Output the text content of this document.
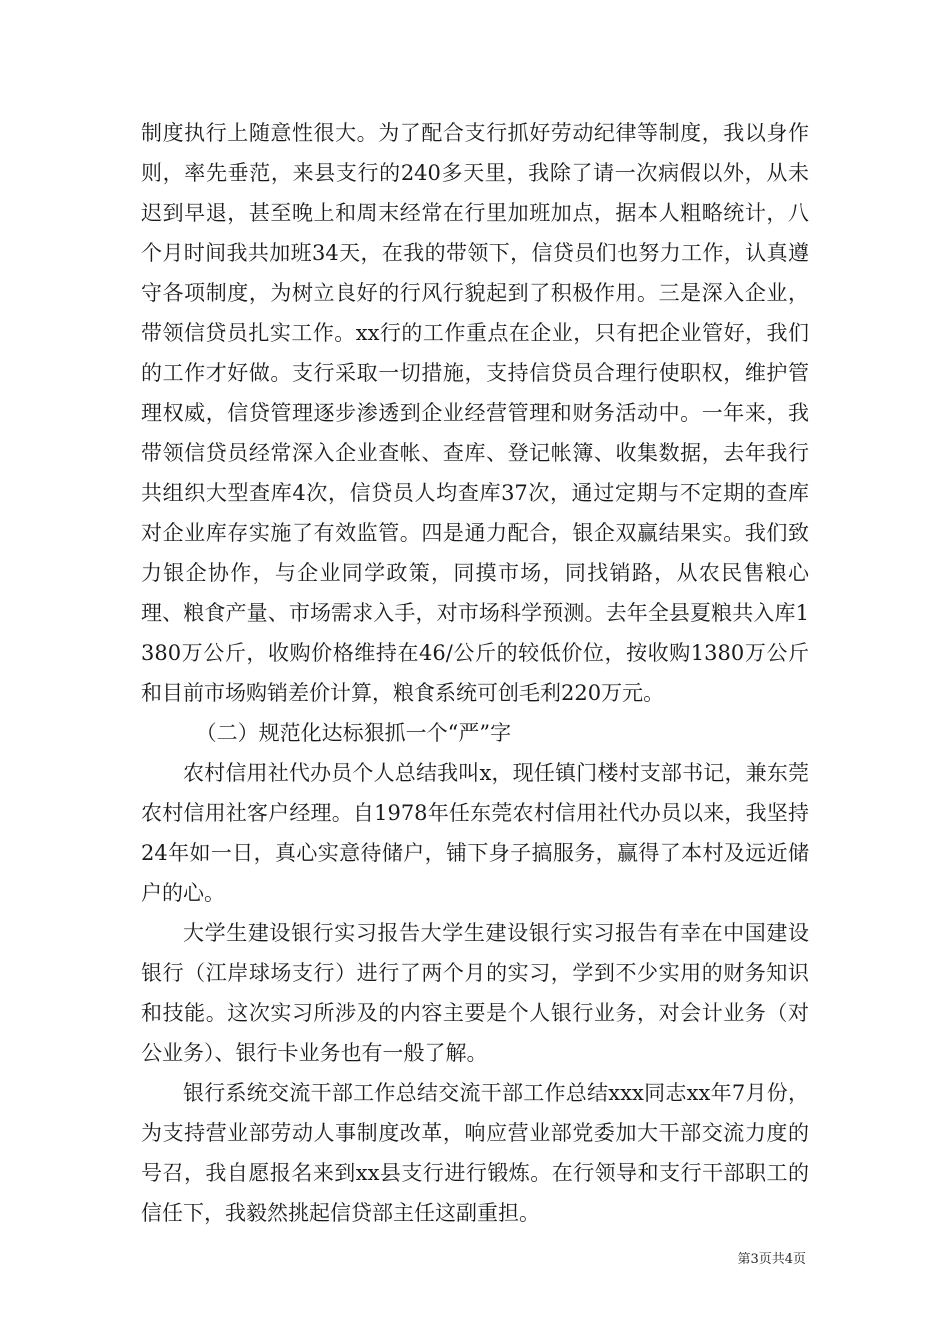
制度执行上随意性很大。为了配合支行抓好劳动纪律等制度，我以身作则，率先垂范，来县支行的240多天里，我除了请一次病假以外，从未迟到早退，甚至晚上和周末经常在行里加班加点，据本人粗略统计，八个月时间我共加班34天，在我的带领下，信贷员们也努力工作，认真遵守各项制度，为树立良好的行风行貌起到了积极作用。三是深入企业，带领信贷员扎实工作。xx行的工作重点在企业，只有把企业管好，我们的工作才好做。支行采取一切措施，支持信贷员合理行使职权，维护管理权威，信贷管理逐步渗透到企业经营管理和财务活动中。一年来，我带领信贷员经常深入企业查帐、查库、登记帐簿、收集数据，去年我行共组织大型查库4次，信贷员人均查库37次，通过定期与不定期的查库对企业库存实施了有效监管。四是通力配合，银企双赢结果实。我们致力银企协作，与企业同学政策，同摸市场，同找销路，从农民售粮心理、粮食产量、市场需求入手，对市场科学预测。去年全县夏粮共入库1380万公斤，收购价格维持在46/公斤的较低价位，按收购1380万公斤和目前市场购销差价计算，粮食系统可创毛利220万元。

（二）规范化达标狠抓一个“严”字

农村信用社代办员个人总结我叫x，现任镇门楼村支部书记，兼东莞农村信用社客户经理。自1978年任东莞农村信用社代办员以来，我坚持24年如一日，真心实意待储户，铺下身子搞服务，赢得了本村及远近储户的心。

大学生建设银行实习报告大学生建设银行实习报告有幸在中国建设银行（江岸球场支行）进行了两个月的实习，学到不少实用的财务知识和技能。这次实习所涉及的内容主要是个人银行业务，对会计业务（对公业务）、银行卡业务也有一般了解。

银行系统交流干部工作总结交流干部工作总结xxx同志xx年7月份，为支持营业部劳动人事制度改革，响应营业部党委加大干部交流力度的号召，我自愿报名来到xx县支行进行锻炼。在行领导和支行干部职工的信任下，我毅然挑起信贷部主任这副重担。

第3页共4页
